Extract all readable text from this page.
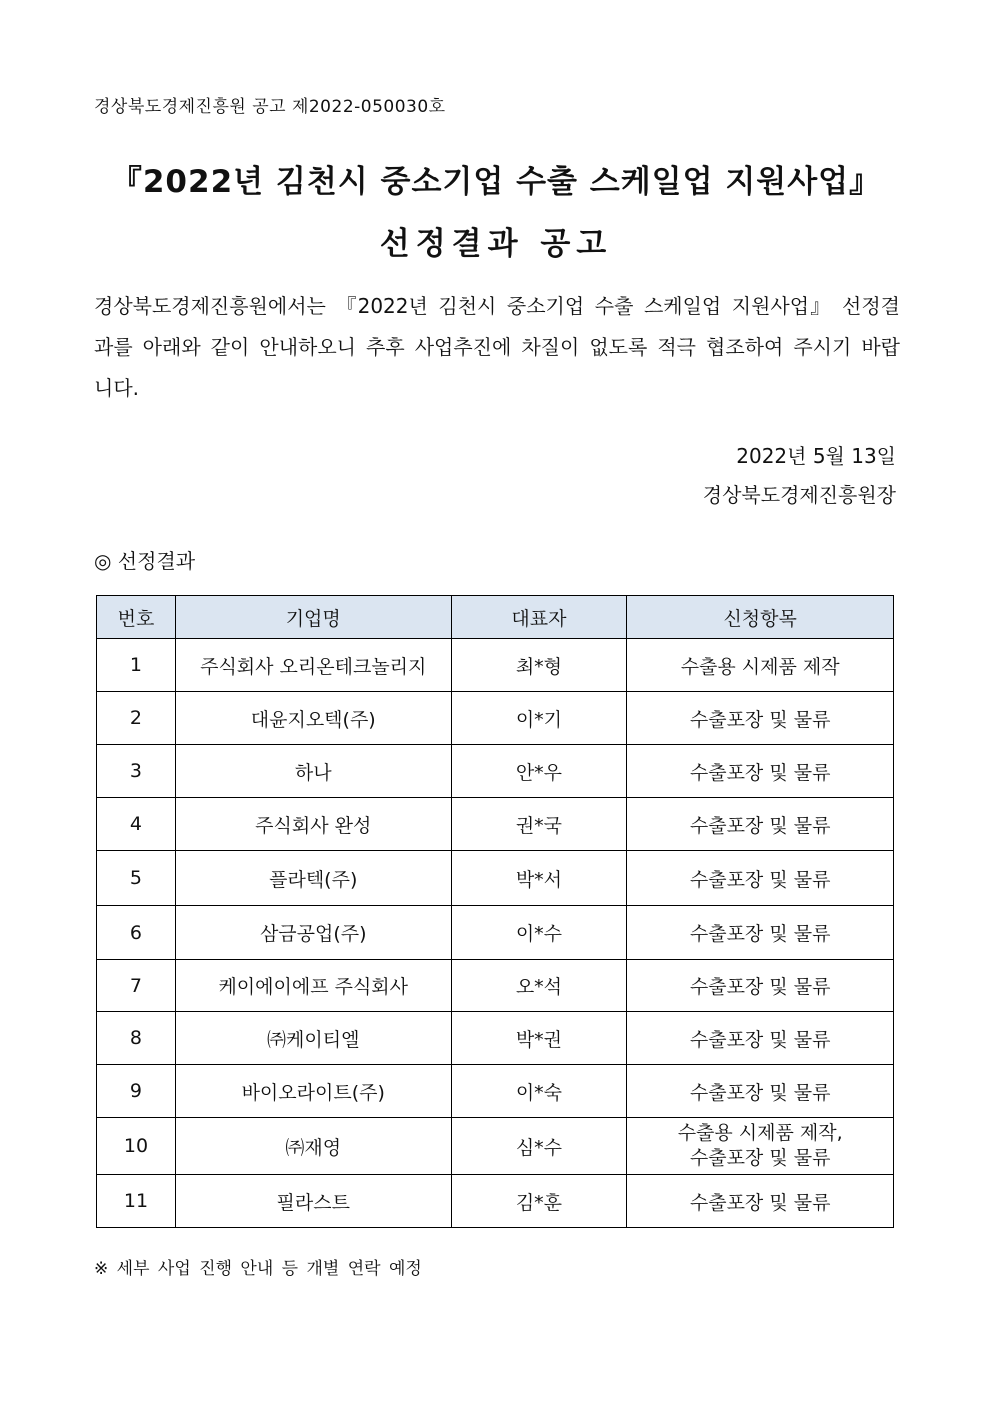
경상북도경제진흥원 공고 제2022-050030호
『2022년 김천시 중소기업 수출 스케일업 지원사업』
선정결과 공고
경상북도경제진흥원에서는 『2022년 김천시 중소기업 수출 스케일업 지원사업』 선정결과를 아래와 같이 안내하오니 추후 사업추진에 차질이 없도록 적극 협조하여 주시기 바랍니다.
2022년 5월 13일
경상북도경제진흥원장
◎ 선정결과
번호	기업명	대표자	신청항목
1	주식회사 오리온테크놀리지	최*형	수출용 시제품 제작
2	대윤지오텍(주)	이*기	수출포장 및 물류
3	하나	안*우	수출포장 및 물류
4	주식회사 완성	권*국	수출포장 및 물류
5	플라텍(주)	박*서	수출포장 및 물류
6	삼금공업(주)	이*수	수출포장 및 물류
7	케이에이에프 주식회사	오*석	수출포장 및 물류
8	㈜케이티엘	박*권	수출포장 및 물류
9	바이오라이트(주)	이*숙	수출포장 및 물류
10	㈜재영	심*수	수출용 시제품 제작,
수출포장 및 물류

11	필라스트	김*훈	수출포장 및 물류
※ 세부 사업 진행 안내 등 개별 연락 예정
